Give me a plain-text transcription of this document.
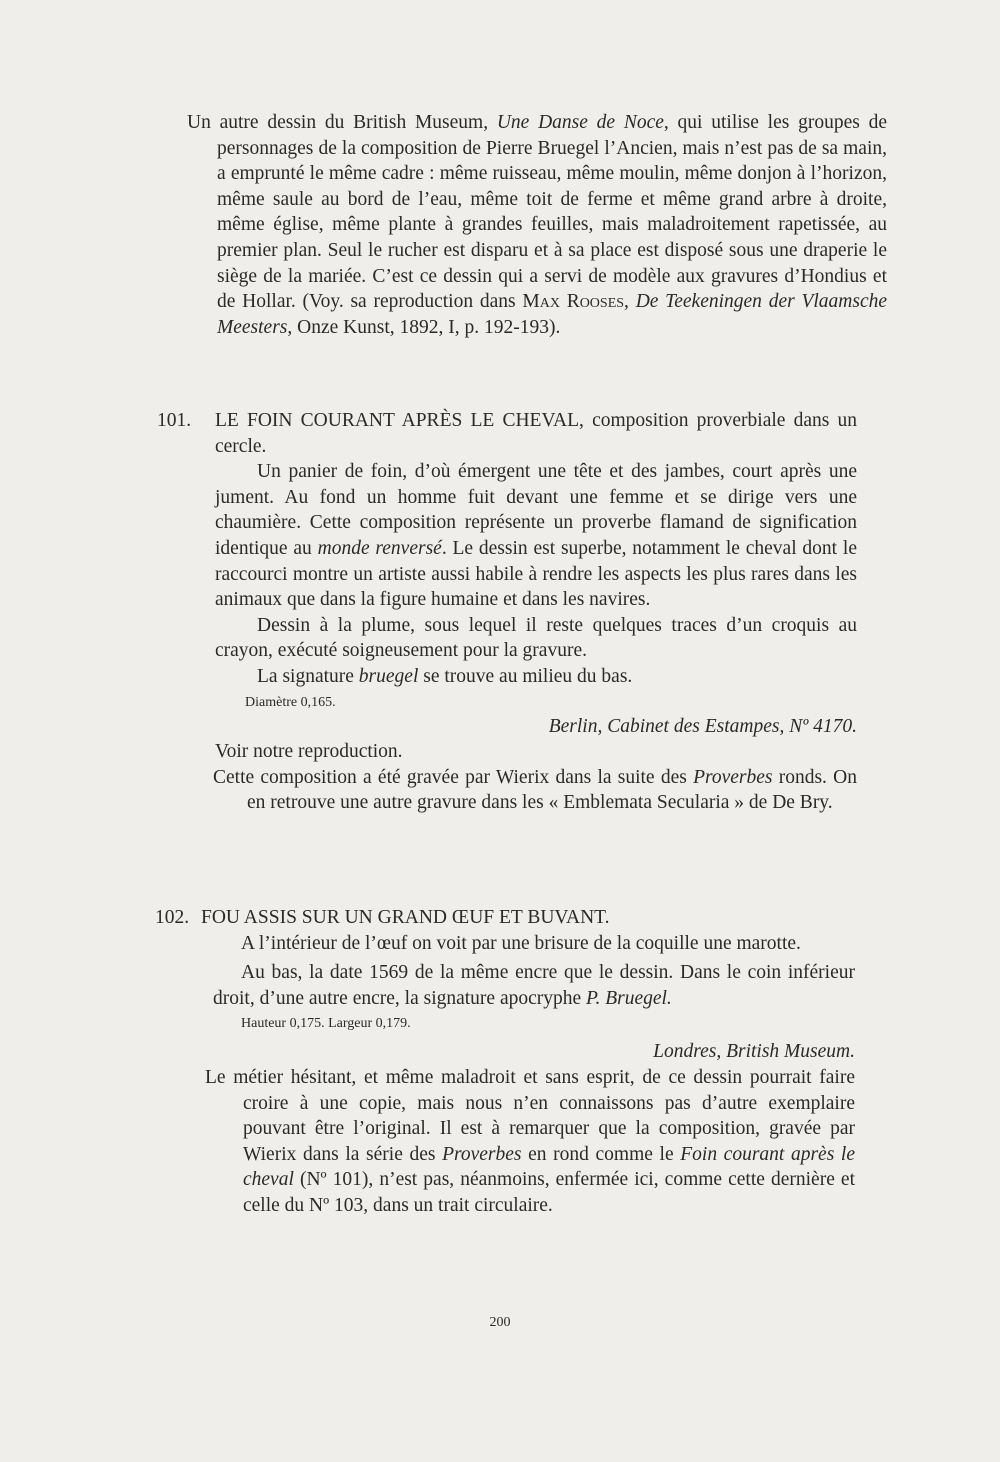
Un autre dessin du British Museum, Une Danse de Noce, qui utilise les groupes de personnages de la composition de Pierre Bruegel l’Ancien, mais n’est pas de sa main, a emprunté le même cadre : même ruisseau, même moulin, même donjon à l’horizon, même saule au bord de l’eau, même toit de ferme et même grand arbre à droite, même église, même plante à grandes feuilles, mais maladroitement rapetissée, au premier plan. Seul le rucher est disparu et à sa place est disposé sous une draperie le siège de la mariée. C’est ce dessin qui a servi de modèle aux gravures d’Hondius et de Hollar. (Voy. sa reproduction dans Max Rooses, De Teekeningen der Vlaamsche Meesters, Onze Kunst, 1892, I, p. 192-193).

101. LE FOIN COURANT APRÈS LE CHEVAL, composition proverbiale dans un cercle.

Un panier de foin, d’où émergent une tête et des jambes, court après une jument. Au fond un homme fuit devant une femme et se dirige vers une chaumière. Cette composition représente un proverbe flamand de signification identique au monde renversé. Le dessin est superbe, notamment le cheval dont le raccourci montre un artiste aussi habile à rendre les aspects les plus rares dans les animaux que dans la figure humaine et dans les navires.

Dessin à la plume, sous lequel il reste quelques traces d’un croquis au crayon, exécuté soigneusement pour la gravure.

La signature bruegel se trouve au milieu du bas.

Diamètre 0,165.

Berlin, Cabinet des Estampes, Nº 4170.

Voir notre reproduction.

Cette composition a été gravée par Wierix dans la suite des Proverbes ronds. On en retrouve une autre gravure dans les « Emblemata Secularia » de De Bry.

102. FOU ASSIS SUR UN GRAND ŒUF ET BUVANT.

A l’intérieur de l’œuf on voit par une brisure de la coquille une marotte.

Au bas, la date 1569 de la même encre que le dessin. Dans le coin inférieur droit, d’une autre encre, la signature apocryphe P. Bruegel.

Hauteur 0,175. Largeur 0,179.

Londres, British Museum.

Le métier hésitant, et même maladroit et sans esprit, de ce dessin pourrait faire croire à une copie, mais nous n’en connaissons pas d’autre exemplaire pouvant être l’original. Il est à remarquer que la composition, gravée par Wierix dans la série des Proverbes en rond comme le Foin courant après le cheval (Nº 101), n’est pas, néanmoins, enfermée ici, comme cette dernière et celle du Nº 103, dans un trait circulaire.

200
